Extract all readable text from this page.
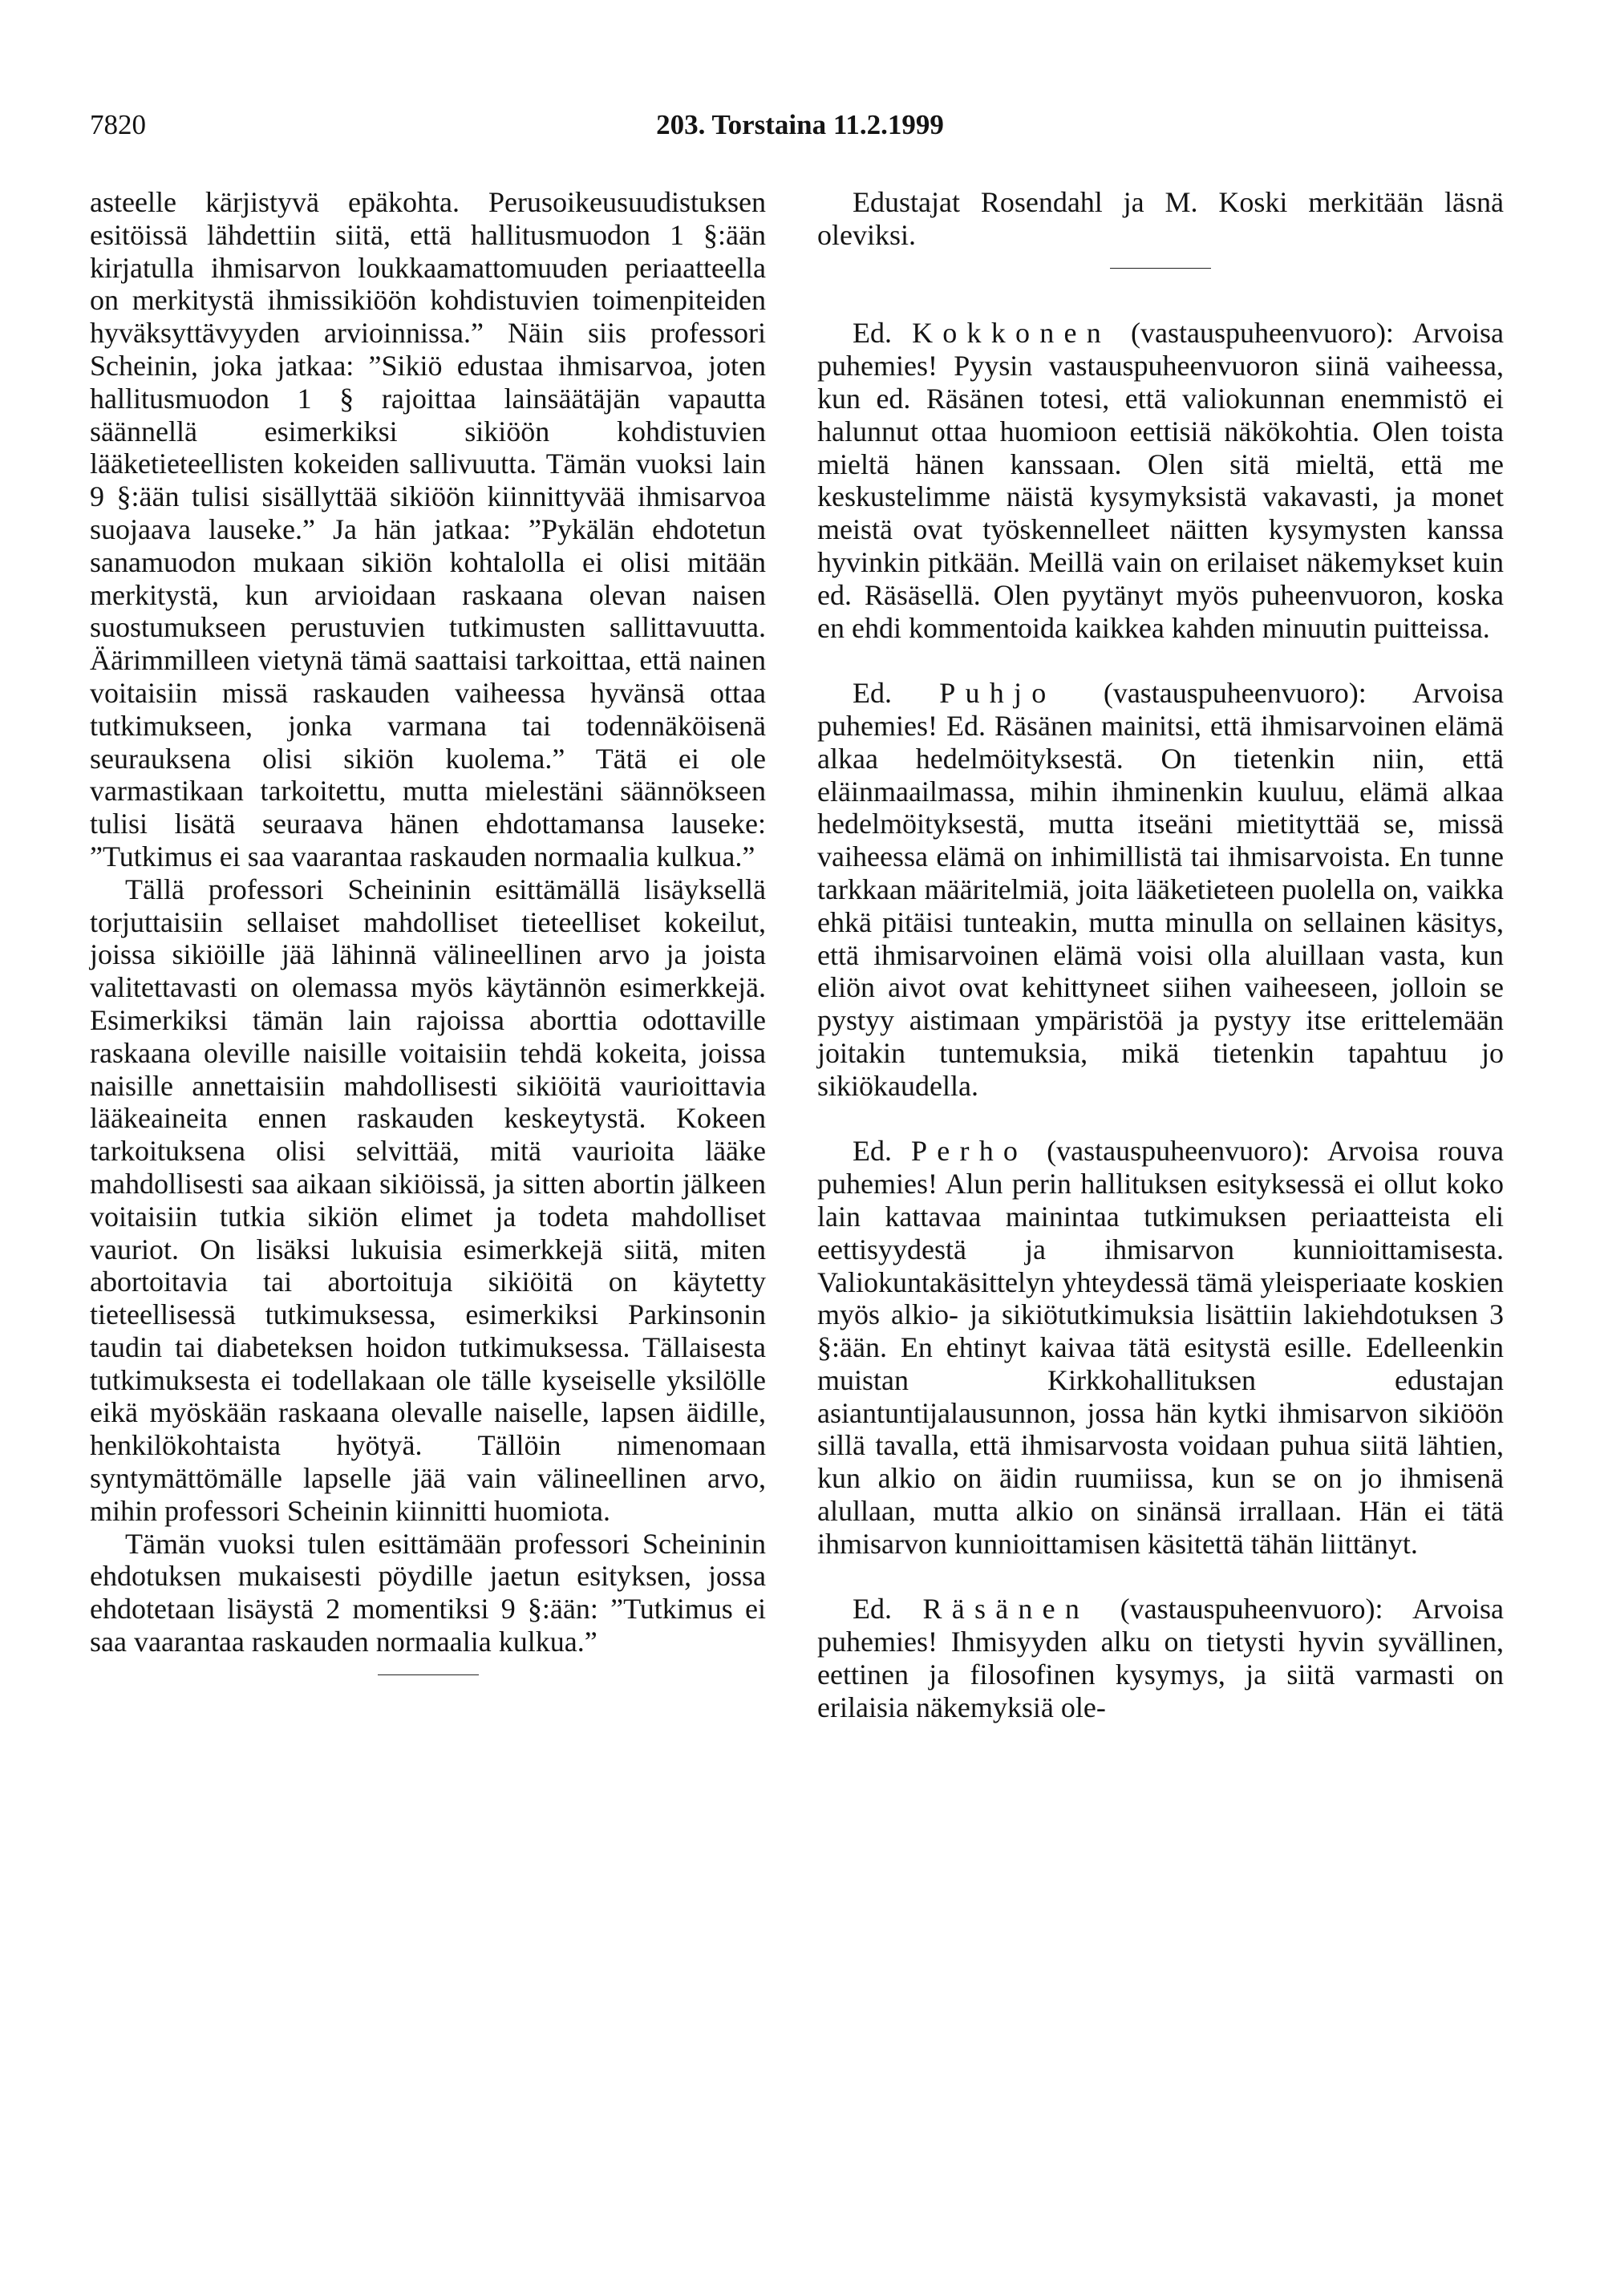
7820	203. Torstaina 11.2.1999

asteelle kärjistyvä epäkohta. Perusoikeusuudistuksen esitöissä lähdettiin siitä, että hallitusmuodon 1 §:ään kirjatulla ihmisarvon loukkaamattomuuden periaatteella on merkitystä ihmissikiöön kohdistuvien toimenpiteiden hyväksyttävyyden arvioinnissa.” Näin siis professori Scheinin, joka jatkaa: ”Sikiö edustaa ihmisarvoa, joten hallitusmuodon 1 § rajoittaa lainsäätäjän vapautta säännellä esimerkiksi sikiöön kohdistuvien lääketieteellisten kokeiden sallivuutta. Tämän vuoksi lain 9 §:ään tulisi sisällyttää sikiöön kiinnittyvää ihmisarvoa suojaava lauseke.” Ja hän jatkaa: ”Pykälän ehdotetun sanamuodon mukaan sikiön kohtalolla ei olisi mitään merkitystä, kun arvioidaan raskaana olevan naisen suostumukseen perustuvien tutkimusten sallittavuutta. Äärimmilleen vietynä tämä saattaisi tarkoittaa, että nainen voitaisiin missä raskauden vaiheessa hyvänsä ottaa tutkimukseen, jonka varmana tai todennäköisenä seurauksena olisi sikiön kuolema.” Tätä ei ole varmastikaan tarkoitettu, mutta mielestäni säännökseen tulisi lisätä seuraava hänen ehdottamansa lauseke: ”Tutkimus ei saa vaarantaa raskauden normaalia kulkua.”

Tällä professori Scheininin esittämällä lisäyksellä torjuttaisiin sellaiset mahdolliset tieteelliset kokeilut, joissa sikiöille jää lähinnä välineellinen arvo ja joista valitettavasti on olemassa myös käytännön esimerkkejä. Esimerkiksi tämän lain rajoissa aborttia odottaville raskaana oleville naisille voitaisiin tehdä kokeita, joissa naisille annettaisiin mahdollisesti sikiöitä vaurioittavia lääkeaineita ennen raskauden keskeytystä. Kokeen tarkoituksena olisi selvittää, mitä vaurioita lääke mahdollisesti saa aikaan sikiöissä, ja sitten abortin jälkeen voitaisiin tutkia sikiön elimet ja todeta mahdolliset vauriot. On lisäksi lukuisia esimerkkejä siitä, miten abortoitavia tai abortoituja sikiöitä on käytetty tieteellisessä tutkimuksessa, esimerkiksi Parkinsonin taudin tai diabeteksen hoidon tutkimuksessa. Tällaisesta tutkimuksesta ei todellakaan ole tälle kyseiselle yksilölle eikä myöskään raskaana olevalle naiselle, lapsen äidille, henkilökohtaista hyötyä. Tällöin nimenomaan syntymättömälle lapselle jää vain välineellinen arvo, mihin professori Scheinin kiinnitti huomiota.

Tämän vuoksi tulen esittämään professori Scheininin ehdotuksen mukaisesti pöydille jaetun esityksen, jossa ehdotetaan lisäystä 2 momentiksi 9 §:ään: ”Tutkimus ei saa vaarantaa raskauden normaalia kulkua.”

Edustajat Rosendahl ja M. Koski merkitään läsnä oleviksi.

Ed. Kokkonen (vastauspuheenvuoro): Arvoisa puhemies! Pyysin vastauspuheenvuoron siinä vaiheessa, kun ed. Räsänen totesi, että valiokunnan enemmistö ei halunnut ottaa huomioon eettisiä näkökohtia. Olen toista mieltä hänen kanssaan. Olen sitä mieltä, että me keskustelimme näistä kysymyksistä vakavasti, ja monet meistä ovat työskennelleet näitten kysymysten kanssa hyvinkin pitkään. Meillä vain on erilaiset näkemykset kuin ed. Räsäsellä. Olen pyytänyt myös puheenvuoron, koska en ehdi kommentoida kaikkea kahden minuutin puitteissa.

Ed. Puhjo (vastauspuheenvuoro): Arvoisa puhemies! Ed. Räsänen mainitsi, että ihmisarvoinen elämä alkaa hedelmöityksestä. On tietenkin niin, että eläinmaailmassa, mihin ihminenkin kuuluu, elämä alkaa hedelmöityksestä, mutta itseäni mietityttää se, missä vaiheessa elämä on inhimillistä tai ihmisarvoista. En tunne tarkkaan määritelmiä, joita lääketieteen puolella on, vaikka ehkä pitäisi tunteakin, mutta minulla on sellainen käsitys, että ihmisarvoinen elämä voisi olla aluillaan vasta, kun eliön aivot ovat kehittyneet siihen vaiheeseen, jolloin se pystyy aistimaan ympäristöä ja pystyy itse erittelemään joitakin tuntemuksia, mikä tietenkin tapahtuu jo sikiökaudella.

Ed. Perho (vastauspuheenvuoro): Arvoisa rouva puhemies! Alun perin hallituksen esityksessä ei ollut koko lain kattavaa mainintaa tutkimuksen periaatteista eli eettisyydestä ja ihmisarvon kunnioittamisesta. Valiokuntakäsittelyn yhteydessä tämä yleisperiaate koskien myös alkio- ja sikiötutkimuksia lisättiin lakiehdotuksen 3 §:ään. En ehtinyt kaivaa tätä esitystä esille. Edelleenkin muistan Kirkkohallituksen edustajan asiantuntijalausunnon, jossa hän kytki ihmisarvon sikiöön sillä tavalla, että ihmisarvosta voidaan puhua siitä lähtien, kun alkio on äidin ruumiissa, kun se on jo ihmisenä alullaan, mutta alkio on sinänsä irrallaan. Hän ei tätä ihmisarvon kunnioittamisen käsitettä tähän liittänyt.

Ed. Räsänen (vastauspuheenvuoro): Arvoisa puhemies! Ihmisyyden alku on tietysti hyvin syvällinen, eettinen ja filosofinen kysymys, ja siitä varmasti on erilaisia näkemyksiä ole-
